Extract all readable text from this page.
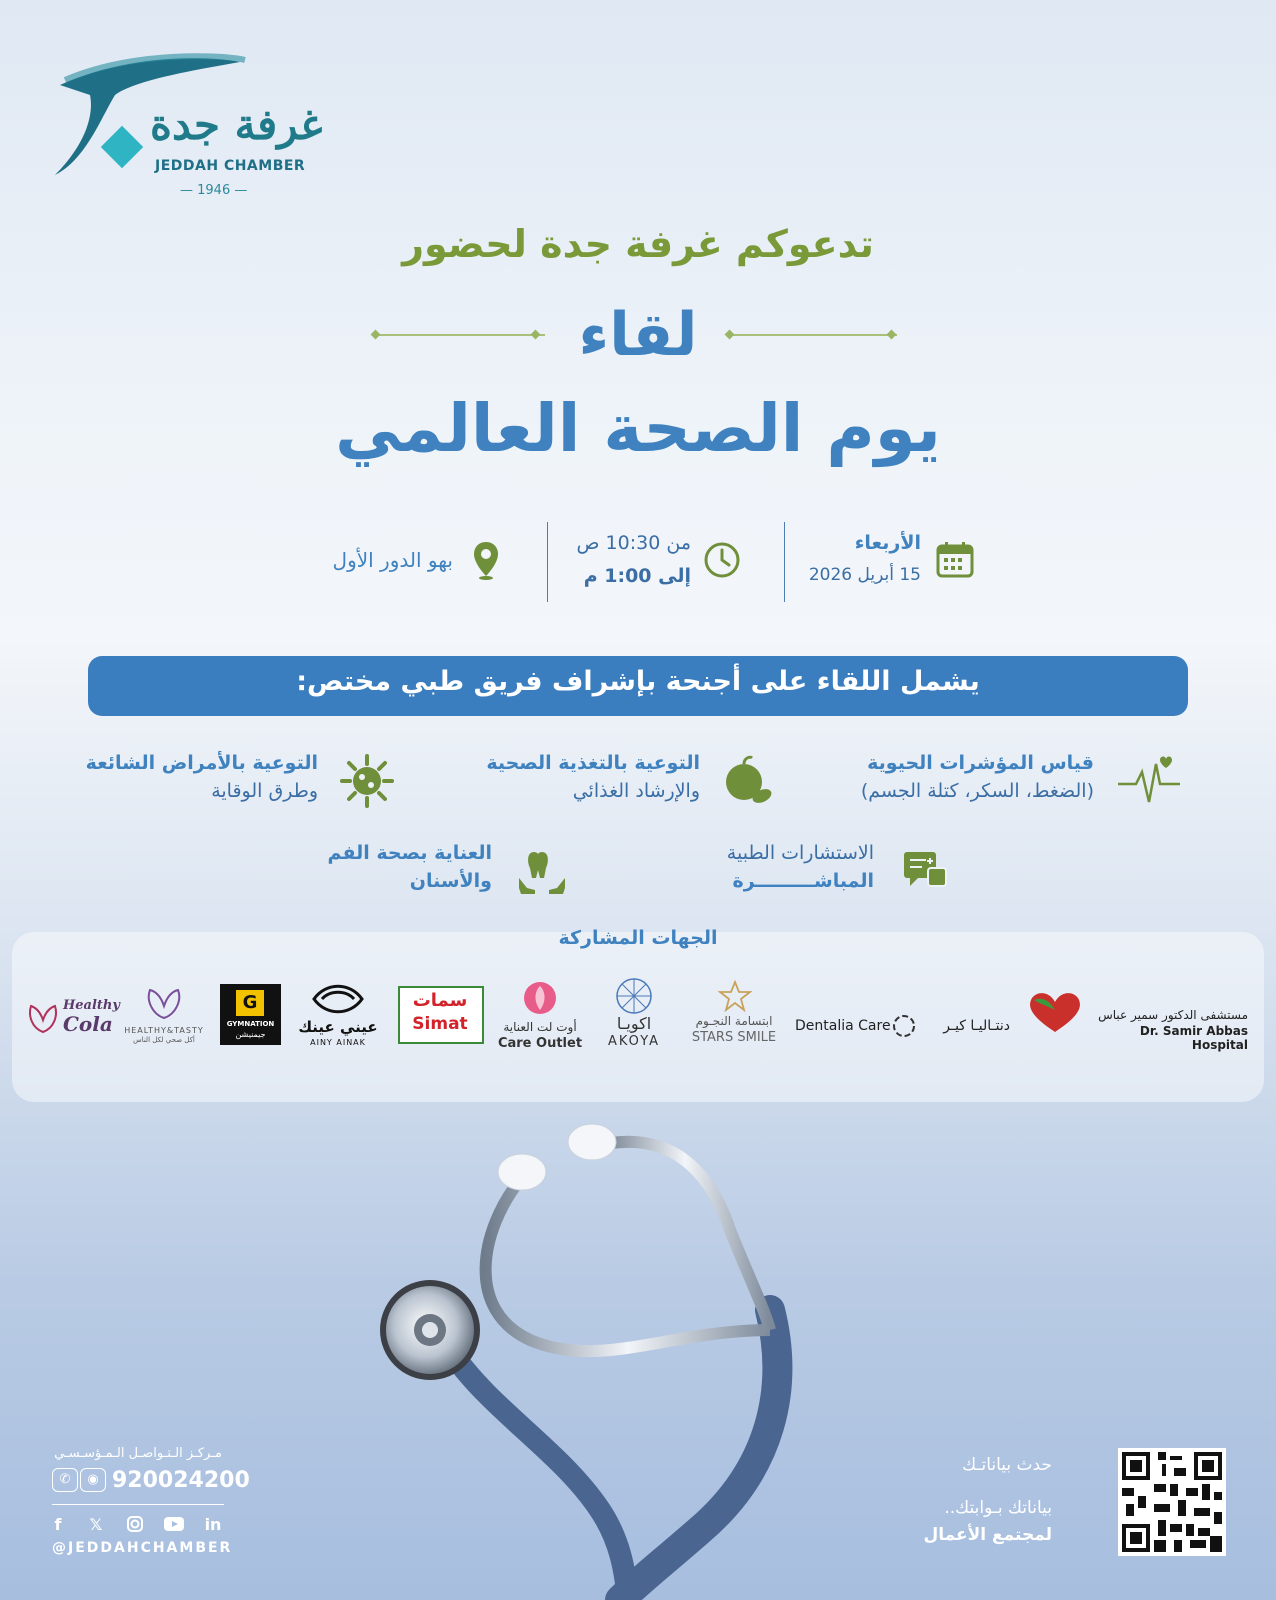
غرفة جدة
JEDDAH CHAMBER
— 1946 —
تدعوكم غرفة جدة لحضور
لقاء
يوم الصحة العالمي
الأربعاء
15 أبريل 2026
من 10:30 ص
إلى 1:00 م
بهو الدور الأول
يشمل اللقاء على أجنحة بإشراف فريق طبي مختص:
قياس المؤشرات الحيوية
(الضغط، السكر، كتلة الجسم)
التوعية بالتغذية الصحية
والإرشاد الغذائي
التوعية بالأمراض الشائعة
وطرق الوقاية
الاستشارات الطبية
المباشـــــــــرة
العناية بصحة الفم
والأسنان
الجهات المشاركة
مستشفى الدكتور سمير عباس
Dr. Samir Abbas Hospital
Dentalia Care	دنتـاليـا كيـر
ابتسامة النجـوم
STARS SMILE
اكويـا
AKOYA
أوت لت العناية
Care Outlet
سمات
Simat
عيني عينك
AINY AINAK
G
GYMNATION
جيمنيشن
HEALTHY&TASTY
أكل صحي لكل الناس
Healthy
Cola
مـركـز الـتـواصـل الـمـؤسـسـي
✆	◉ 920024200
f	𝕏	in
@JEDDAHCHAMBER
حدث بياناتـك
بياناتك بـوابتك..
لمجتمع الأعمال
